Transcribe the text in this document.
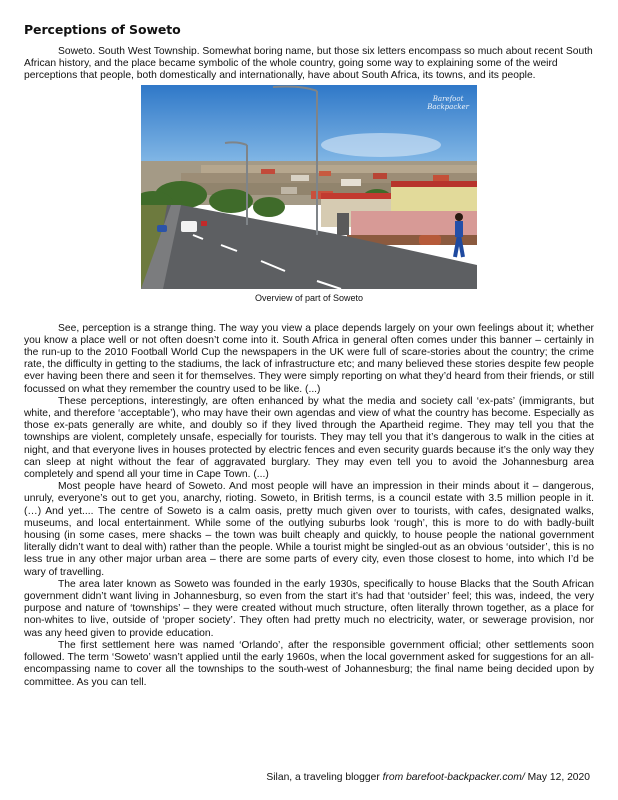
Perceptions of Soweto

Soweto. South West Township. Somewhat boring name, but those six letters encompass so much about recent South African history, and the place became symbolic of the whole country, going some way to explaining some of the weird perceptions that people, both domestically and internationally, have about South Africa, its towns, and its people.

Barefoot
Backpacker
Overview of part of Soweto

See, perception is a strange thing. The way you view a place depends largely on your own feelings about it; whether you know a place well or not often doesn’t come into it. South Africa in general often comes under this banner – certainly in the run-up to the 2010 Football World Cup the newspapers in the UK were full of scare-stories about the country; the crime rate, the difficulty in getting to the stadiums, the lack of infrastructure etc; and many believed these stories despite few people ever having been there and seen it for themselves. They were simply reporting on what they’d heard from their friends, or still focussed on what they remember the country used to be like. (...)

These perceptions, interestingly, are often enhanced by what the media and society call ‘ex-pats’ (immigrants, but white, and therefore ‘acceptable’), who may have their own agendas and view of what the country has become. Especially as those ex-pats generally are white, and doubly so if they lived through the Apartheid regime. They may tell you that the townships are violent, completely unsafe, especially for tourists. They may tell you that it’s dangerous to walk in the cities at night, and that everyone lives in houses protected by electric fences and even security guards because it’s the only way they can sleep at night without the fear of aggravated burglary. They may even tell you to avoid the Johannesburg area completely and spend all your time in Cape Town. (...)

Most people have heard of Soweto. And most people will have an impression in their minds about it – dangerous, unruly, everyone’s out to get you, anarchy, rioting. Soweto, in British terms, is a council estate with 3.5 million people in it. (…) And yet.... The centre of Soweto is a calm oasis, pretty much given over to tourists, with cafes, designated walks, museums, and local entertainment. While some of the outlying suburbs look ‘rough’, this is more to do with badly-built housing (in some cases, mere shacks – the town was built cheaply and quickly, to house people the national government literally didn’t want to deal with) rather than the people. While a tourist might be singled-out as an obvious ‘outsider’, this is no less true in any other major urban area – there are some parts of every city, even those closest to home, into which I’d be wary of travelling.

The area later known as Soweto was founded in the early 1930s, specifically to house Blacks that the South African government didn’t want living in Johannesburg, so even from the start it’s had that ‘outsider’ feel; this was, indeed, the very purpose and nature of ‘townships’ – they were created without much structure, often literally thrown together, as a place for non-whites to live, outside of ‘proper society’. They often had pretty much no electricity, water, or sewerage provision, nor was any heed given to provide education.

The first settlement here was named ‘Orlando’, after the responsible government official; other settlements soon followed. The term ‘Soweto’ wasn’t applied until the early 1960s, when the local government asked for suggestions for an all-encompassing name to cover all the townships to the south-west of Johannesburg; the final name being decided upon by committee. As you can tell.

Silan, a traveling blogger from barefoot-backpacker.com/ May 12, 2020
